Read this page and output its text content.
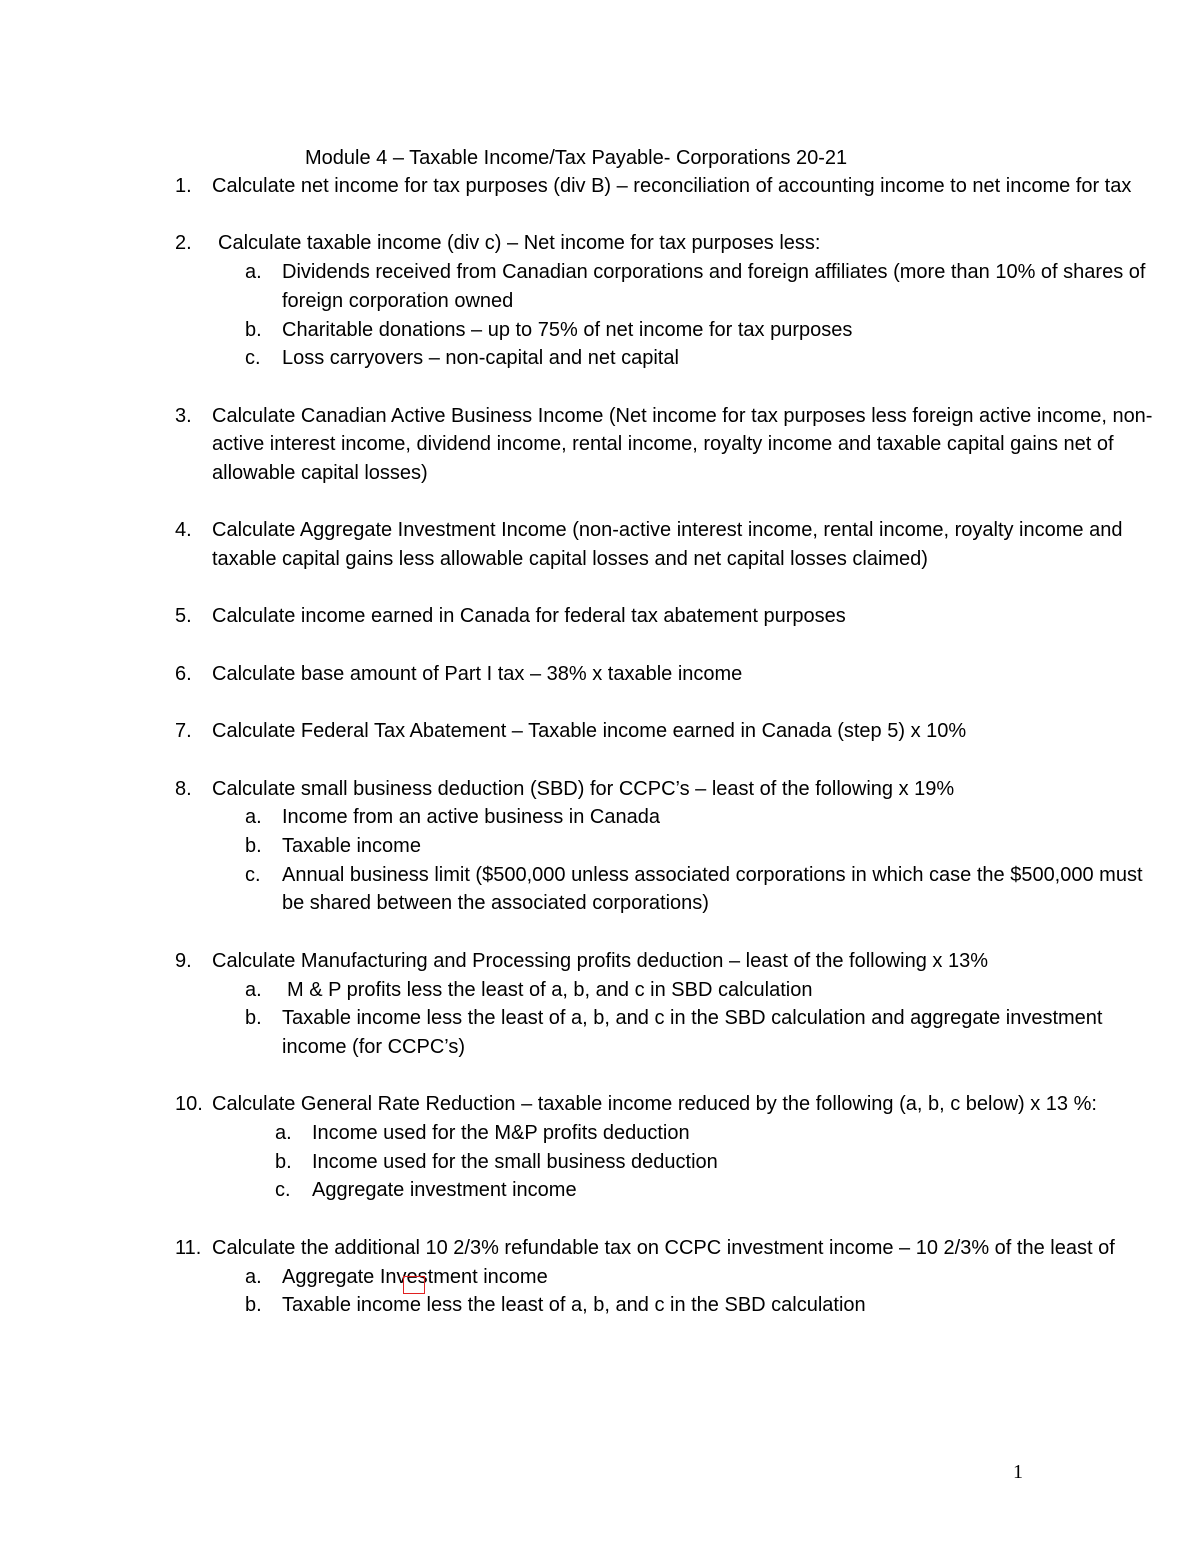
Module 4 – Taxable Income/Tax Payable- Corporations 20-21
1. Calculate net income for tax purposes (div B) – reconciliation of accounting income to net income for tax
2.	Calculate taxable income (div c) – Net income for tax purposes less:
a. Dividends received from Canadian corporations and foreign affiliates (more than 10% of shares of foreign corporation owned
b. Charitable donations – up to 75% of net income for tax purposes
c. Loss carryovers – non-capital and net capital
3. Calculate Canadian Active Business Income (Net income for tax purposes less foreign active income, non-active interest income, dividend income, rental income, royalty income and taxable capital gains net of allowable capital losses)
4. Calculate Aggregate Investment Income (non-active interest income, rental income, royalty income and taxable capital gains less allowable capital losses and net capital losses claimed)
5. Calculate income earned in Canada for federal tax abatement purposes
6. Calculate base amount of Part I tax – 38% x taxable income
7. Calculate Federal Tax Abatement – Taxable income earned in Canada (step 5) x 10%
8. Calculate small business deduction (SBD) for CCPC’s – least of the following x 19%
a. Income from an active business in Canada
b. Taxable income
c. Annual business limit ($500,000 unless associated corporations in which case the $500,000 must be shared between the associated corporations)
9. Calculate Manufacturing and Processing profits deduction – least of the following x 13%
a. M & P profits less the least of a, b, and c in SBD calculation
b. Taxable income less the least of a, b, and c in the SBD calculation and aggregate investment income (for CCPC’s)
10. Calculate General Rate Reduction – taxable income reduced by the following (a, b, c below) x 13 %:
a. Income used for the M&P profits deduction
b. Income used for the small business deduction
c. Aggregate investment income
11. Calculate the additional 10 2/3% refundable tax on CCPC investment income – 10 2/3% of the least of
a. Aggregate Investment income
b. Taxable income less the least of a, b, and c in the SBD calculation
1
